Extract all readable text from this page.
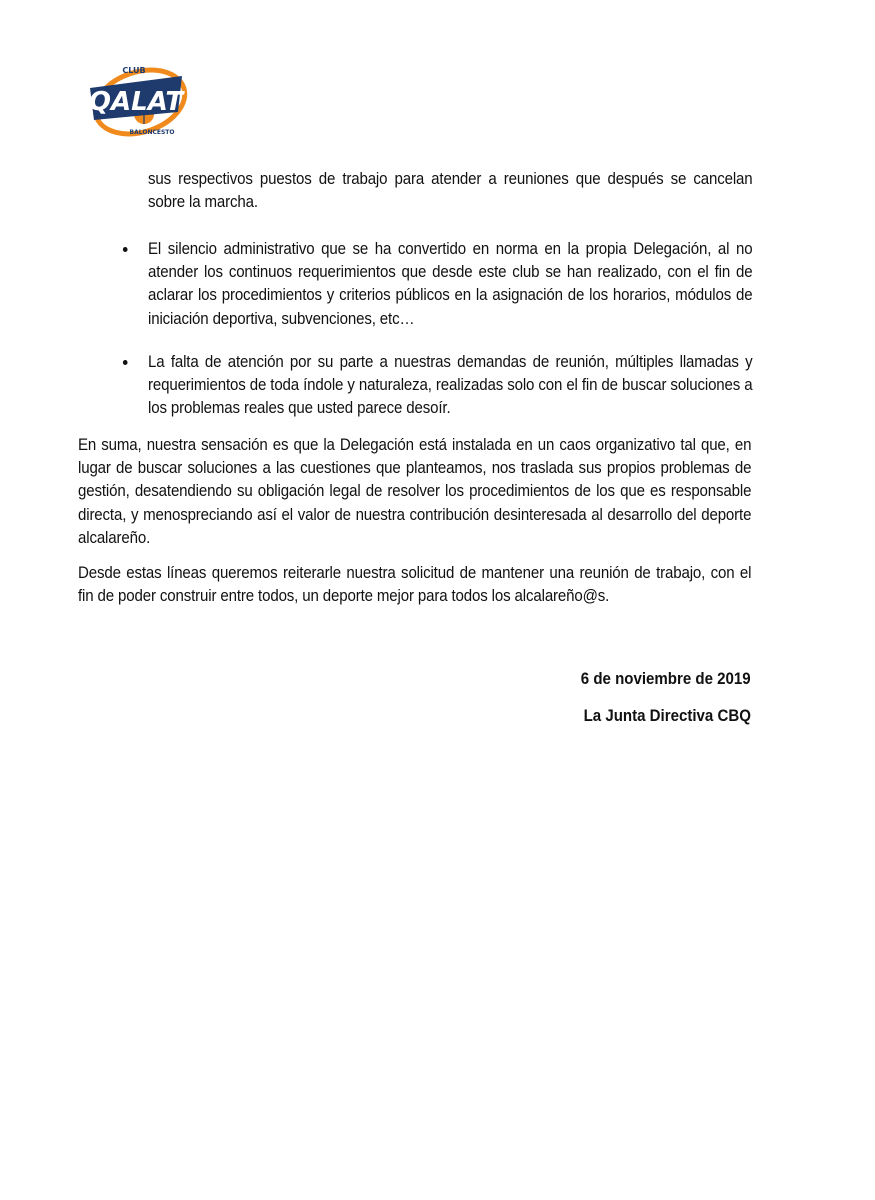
CLUB
QALAT
BALONCESTO
sus respectivos puestos de trabajo para atender a reuniones que después se cancelan sobre la marcha.
El silencio administrativo que se ha convertido en norma en la propia Delegación, al no atender los continuos requerimientos que desde este club se han realizado, con el fin de aclarar los procedimientos y criterios públicos en la asignación de los horarios, módulos de iniciación deportiva, subvenciones, etc…
La falta de atención por su parte a nuestras demandas de reunión, múltiples llamadas y requerimientos de toda índole y naturaleza, realizadas solo con el fin de buscar soluciones a los problemas reales que usted parece desoír.
En suma, nuestra sensación es que la Delegación está instalada en un caos organizativo tal que, en lugar de buscar soluciones a las cuestiones que planteamos, nos traslada sus propios problemas de gestión, desatendiendo su obligación legal de resolver los procedimientos de los que es responsable directa, y menospreciando así el valor de nuestra contribución desinteresada al desarrollo del deporte alcalareño.
Desde estas líneas queremos reiterarle nuestra solicitud de mantener una reunión de trabajo, con el fin de poder construir entre todos, un deporte mejor para todos los alcalareño@s.
6 de noviembre de 2019
La Junta Directiva CBQ
